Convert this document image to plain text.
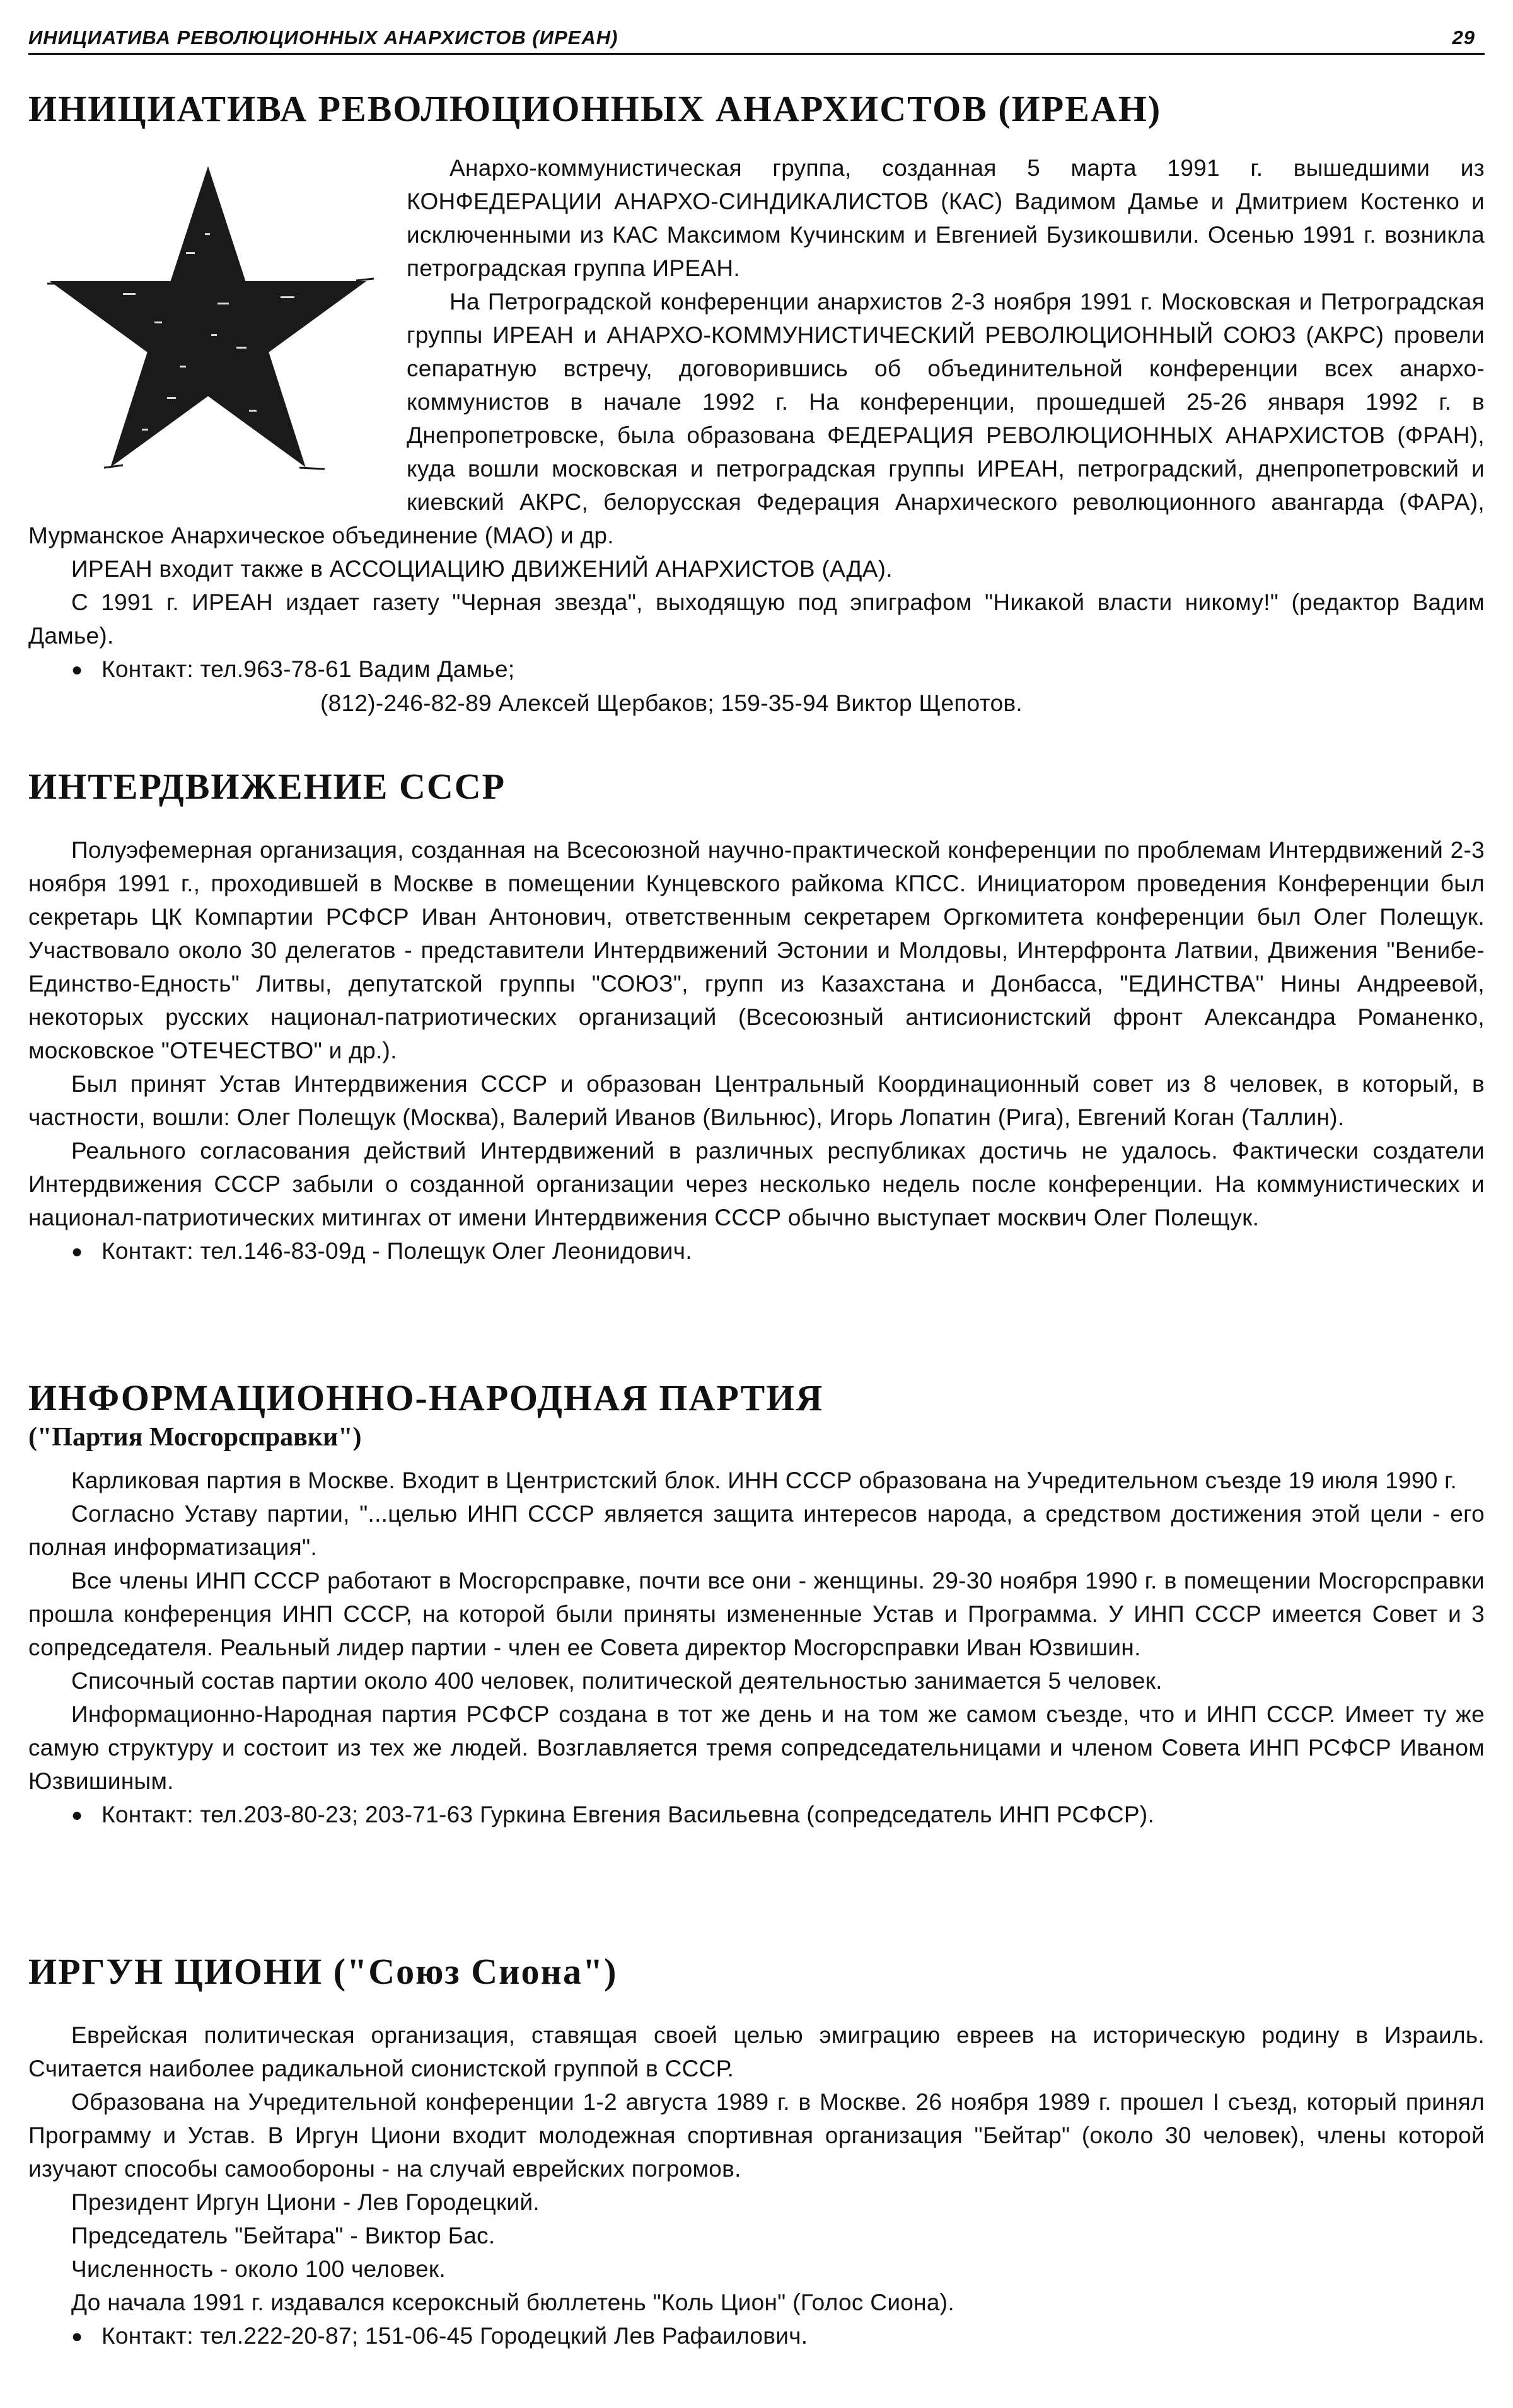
ИНИЦИАТИВА РЕВОЛЮЦИОННЫХ АНАРХИСТОВ (ИРЕАН)	29
ИНИЦИАТИВА РЕВОЛЮЦИОННЫХ АНАРХИСТОВ (ИРЕАН)

Анархо-коммунистическая группа, созданная 5 марта 1991 г. вышедшими из КОНФЕДЕРАЦИИ АНАРХО-СИНДИКАЛИСТОВ (КАС) Вадимом Дамье и Дмитрием Костенко и исключенными из КАС Максимом Кучинским и Евгенией Бузикошвили. Осенью 1991 г. возникла петроградская группа ИРЕАН.

На Петроградской конференции анархистов 2-3 ноября 1991 г. Московская и Петроградская группы ИРЕАН и АНАРХО-КОММУНИСТИЧЕСКИЙ РЕВОЛЮЦИОННЫЙ СОЮЗ (АКРС) провели сепаратную встречу, договорившись об объединительной конференции всех анархо-коммунистов в начале 1992 г. На конференции, прошедшей 25-26 января 1992 г. в Днепропетровске, была образована ФЕДЕРАЦИЯ РЕВОЛЮЦИОННЫХ АНАРХИСТОВ (ФРАН), куда вошли московская и петроградская группы ИРЕАН, петроградский, днепропетровский и киевский АКРС, белорусская Федерация Анархического революционного авангарда (ФАРА), Мурманское Анархическое объединение (МАО) и др.

ИРЕАН входит также в АССОЦИАЦИЮ ДВИЖЕНИЙ АНАРХИСТОВ (АДА).

С 1991 г. ИРЕАН издает газету "Черная звезда", выходящую под эпиграфом "Никакой власти никому!" (редактор Вадим Дамье).

● Контакт: тел.963-78-61 Вадим Дамье;

(812)-246-82-89 Алексей Щербаков; 159-35-94 Виктор Щепотов.

ИНТЕРДВИЖЕНИЕ СССР

Полуэфемерная организация, созданная на Всесоюзной научно-практической конференции по проблемам Интердвижений 2-3 ноября 1991 г., проходившей в Москве в помещении Кунцевского райкома КПСС. Инициатором проведения Конференции был секретарь ЦК Компартии РСФСР Иван Антонович, ответственным секретарем Оргкомитета конференции был Олег Полещук. Участвовало около 30 делегатов - представители Интердвижений Эстонии и Молдовы, Интерфронта Латвии, Движения "Венибе-Единство-Едность" Литвы, депутатской группы "СОЮЗ", групп из Казахстана и Донбасса, "ЕДИНСТВА" Нины Андреевой, некоторых русских национал-патриотических организаций (Всесоюзный антисионистский фронт Александра Романенко, московское "ОТЕЧЕСТВО" и др.).

Был принят Устав Интердвижения СССР и образован Центральный Координационный совет из 8 человек, в который, в частности, вошли: Олег Полещук (Москва), Валерий Иванов (Вильнюс), Игорь Лопатин (Рига), Евгений Коган (Таллин).

Реального согласования действий Интердвижений в различных республиках достичь не удалось. Фактически создатели Интердвижения СССР забыли о созданной организации через несколько недель после конференции. На коммунистических и национал-патриотических митингах от имени Интердвижения СССР обычно выступает москвич Олег Полещук.

● Контакт: тел.146-83-09д - Полещук Олег Леонидович.

ИНФОРМАЦИОННО-НАРОДНАЯ ПАРТИЯ
("Партия Мосгорсправки")

Карликовая партия в Москве. Входит в Центристский блок. ИНН СССР образована на Учредительном съезде 19 июля 1990 г.

Согласно Уставу партии, "...целью ИНП СССР является защита интересов народа, а средством достижения этой цели - его полная информатизация".

Все члены ИНП СССР работают в Мосгорсправке, почти все они - женщины. 29-30 ноября 1990 г. в помещении Мосгорсправки прошла конференция ИНП СССР, на которой были приняты измененные Устав и Программа. У ИНП СССР имеется Совет и 3 сопредседателя. Реальный лидер партии - член ее Совета директор Мосгорсправки Иван Юзвишин.

Списочный состав партии около 400 человек, политической деятельностью занимается 5 человек.

Информационно-Народная партия РСФСР создана в тот же день и на том же самом съезде, что и ИНП СССР. Имеет ту же самую структуру и состоит из тех же людей. Возглавляется тремя сопредседательницами и членом Совета ИНП РСФСР Иваном Юзвишиным.

● Контакт: тел.203-80-23; 203-71-63 Гуркина Евгения Васильевна (сопредседатель ИНП РСФСР).

ИРГУН ЦИОНИ ("Союз Сиона")

Еврейская политическая организация, ставящая своей целью эмиграцию евреев на историческую родину в Израиль. Считается наиболее радикальной сионистской группой в СССР.

Образована на Учредительной конференции 1-2 августа 1989 г. в Москве. 26 ноября 1989 г. прошел I съезд, который принял Программу и Устав. В Иргун Циони входит молодежная спортивная организация "Бейтар" (около 30 человек), члены которой изучают способы самообороны - на случай еврейских погромов.

Президент Иргун Циони - Лев Городецкий.

Председатель "Бейтара" - Виктор Бас.

Численность - около 100 человек.

До начала 1991 г. издавался ксероксный бюллетень "Коль Цион" (Голос Сиона).

● Контакт: тел.222-20-87; 151-06-45 Городецкий Лев Рафаилович.
